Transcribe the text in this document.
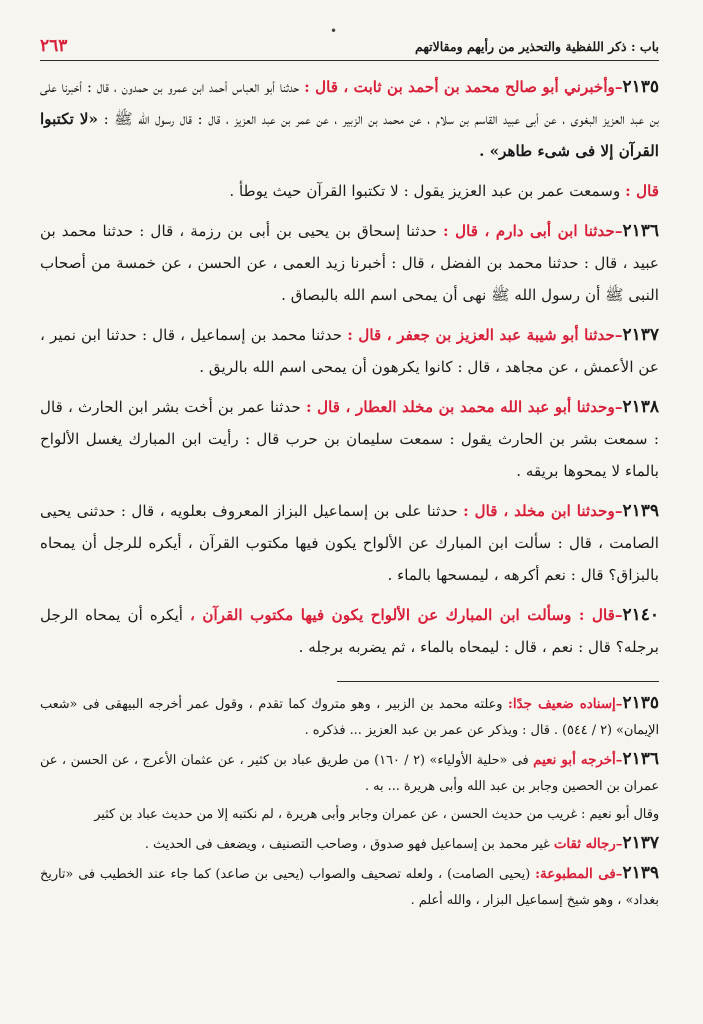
•
باب : ذكر اللفظية والتحذير من رأيهم ومقالاتهم
٢٦٣

٢١٣٥–وأخبرني أبو صالح محمد بن أحمد بن ثابت ، قال : حدثنا أبو العباس أحمد ابن عمرو بن حمدون ، قال : أخبرنا على بن عبد العزيز البغوى ، عن أبى عبيد القاسم بن سلام ، عن محمد بن الزبير ، عن عمر بن عبد العزيز ، قال : قال رسول الله ﷺ : «لا تكتبوا القرآن إلا فى شىء طاهر» .

قال : وسمعت عمر بن عبد العزيز يقول : لا تكتبوا القرآن حيث يوطأ .

٢١٣٦–حدثنا ابن أبى دارم ، قال : حدثنا إسحاق بن يحيى بن أبى بن رزمة ، قال : حدثنا محمد بن عبيد ، قال : حدثنا محمد بن الفضل ، قال : أخبرنا زيد العمى ، عن الحسن ، عن خمسة من أصحاب النبى ﷺ أن رسول الله ﷺ نهى أن يمحى اسم الله بالبصاق .

٢١٣٧–حدثنا أبو شيبة عبد العزيز بن جعفر ، قال : حدثنا محمد بن إسماعيل ، قال : حدثنا ابن نمير ، عن الأعمش ، عن مجاهد ، قال : كانوا يكرهون أن يمحى اسم الله بالريق .

٢١٣٨–وحدثنا أبو عبد الله محمد بن مخلد العطار ، قال : حدثنا عمر بن أخت بشر ابن الحارث ، قال : سمعت بشر بن الحارث يقول : سمعت سليمان بن حرب قال : رأيت ابن المبارك يغسل الألواح بالماء لا يمحوها بريقه .

٢١٣٩–وحدثنا ابن مخلد ، قال : حدثنا على بن إسماعيل البزاز المعروف بعلويه ، قال : حدثنى يحيى الصامت ، قال : سألت ابن المبارك عن الألواح يكون فيها مكتوب القرآن ، أيكره للرجل أن يمحاه بالبزاق؟ قال : نعم أكرهه ، ليمسحها بالماء .

٢١٤٠–قال : وسألت ابن المبارك عن الألواح يكون فيها مكتوب القرآن ، أيكره أن يمحاه الرجل برجله؟ قال : نعم ، قال : ليمحاه بالماء ، ثم يضربه برجله .

٢١٣٥–إسناده ضعيف جدًا: وعلته محمد بن الزبير ، وهو متروك كما تقدم ، وقول عمر أخرجه البيهقى فى «شعب الإيمان» (٢ / ٥٤٤) . قال : ويذكر عن عمر بن عبد العزيز ... فذكره .

٢١٣٦–أخرجه أبو نعيم فى «حلية الأولياء» (٢ / ١٦٠) من طريق عباد بن كثير ، عن عثمان الأعرج ، عن الحسن ، عن عمران بن الحصين وجابر بن عبد الله وأبى هريرة ... به .

وقال أبو نعيم : غريب من حديث الحسن ، عن عمران وجابر وأبى هريرة ، لم نكتبه إلا من حديث عباد بن كثير

٢١٣٧–رجاله ثقات غير محمد بن إسماعيل فهو صدوق ، وصاحب التصنيف ، ويضعف فى الحديث .

٢١٣٩–فى المطبوعة: (يحيى الصامت) ، ولعله تصحيف والصواب (يحيى بن صاعد) كما جاء عند الخطيب فى «تاريخ بغداد» ، وهو شيخ إسماعيل البزار ، والله أعلم .
